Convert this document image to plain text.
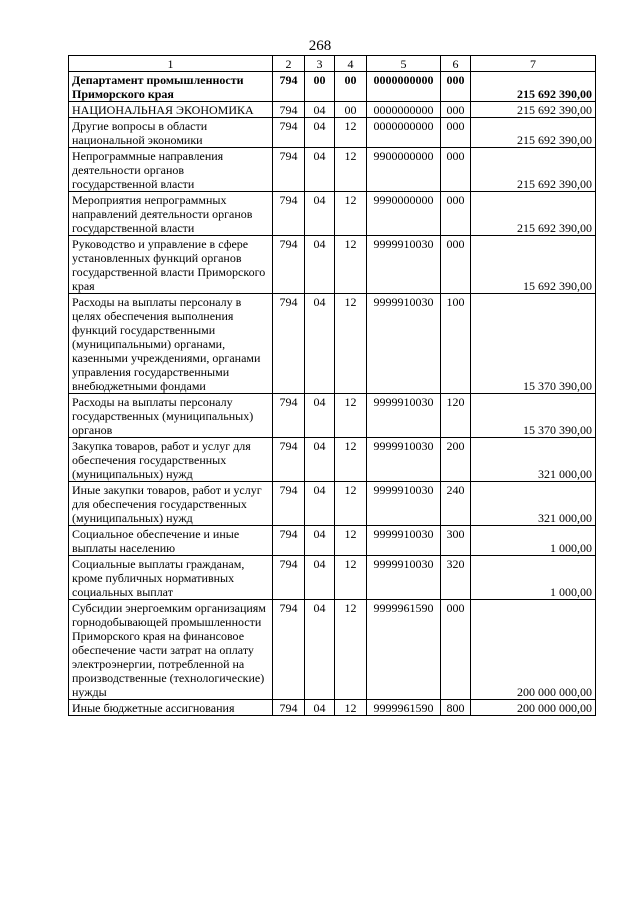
268
1	2	3	4	5	6	7
Департамент промышленности Приморского края	794	00	00	0000000000	000	215 692 390,00
НАЦИОНАЛЬНАЯ ЭКОНОМИКА	794	04	00	0000000000	000	215 692 390,00
Другие вопросы в области национальной экономики	794	04	12	0000000000	000	215 692 390,00
Непрограммные направления деятельности органов государственной власти	794	04	12	9900000000	000	215 692 390,00
Мероприятия непрограммных направлений деятельности органов государственной власти	794	04	12	9990000000	000	215 692 390,00
Руководство и управление в сфере установленных функций органов государственной власти Приморского края	794	04	12	9999910030	000	15 692 390,00
Расходы на выплаты персоналу в целях обеспечения выполнения функций государственными (муниципальными) органами, казенными учреждениями, органами управления государственными внебюджетными фондами	794	04	12	9999910030	100	15 370 390,00
Расходы на выплаты персоналу государственных (муниципальных) органов	794	04	12	9999910030	120	15 370 390,00
Закупка товаров, работ и услуг для обеспечения государственных (муниципальных) нужд	794	04	12	9999910030	200	321 000,00
Иные закупки товаров, работ и услуг для обеспечения государственных (муниципальных) нужд	794	04	12	9999910030	240	321 000,00
Социальное обеспечение и иные выплаты населению	794	04	12	9999910030	300	1 000,00
Социальные выплаты гражданам, кроме публичных нормативных социальных выплат	794	04	12	9999910030	320	1 000,00
Субсидии энергоемким организациям горнодобывающей промышленности Приморского края на финансовое обеспечение части затрат на оплату электроэнергии, потребленной на производственные (технологические) нужды	794	04	12	9999961590	000	200 000 000,00
Иные бюджетные ассигнования	794	04	12	9999961590	800	200 000 000,00
